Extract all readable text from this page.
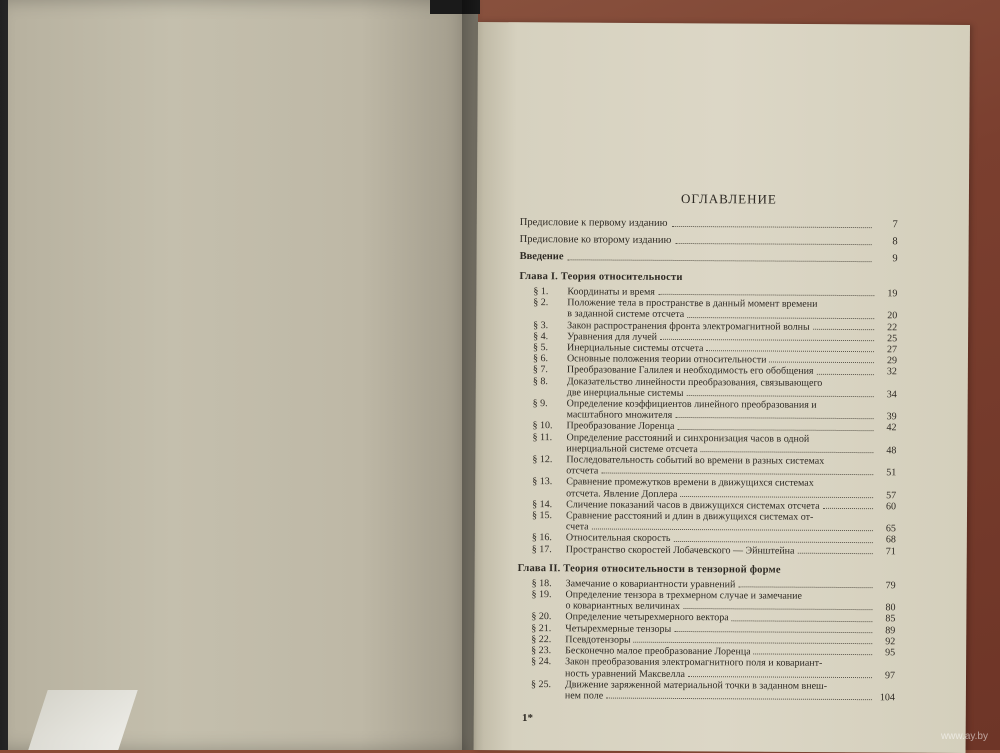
ОГЛАВЛЕНИЕ
Предисловие к первому изданию	7
Предисловие ко второму изданию	8
Введение	9
Глава I. Теория относительности
§ 1.	Координаты и время	19
§ 2.	Положение тела в пространстве в данный момент времени
в заданной системе отсчета	20
§ 3.	Закон распространения фронта электромагнитной волны	22
§ 4.	Уравнения для лучей	25
§ 5.	Инерциальные системы отсчета	27
§ 6.	Основные положения теории относительности	29
§ 7.	Преобразование Галилея и необходимость его обобщения	32
§ 8.	Доказательство линейности преобразования, связывающего
две инерциальные системы	34
§ 9.	Определение коэффициентов линейного преобразования и
масштабного множителя	39
§ 10.	Преобразование Лоренца	42
§ 11.	Определение расстояний и синхронизация часов в одной
инерциальной системе отсчета	48
§ 12.	Последовательность событий во времени в разных системах
отсчета	51
§ 13.	Сравнение промежутков времени в движущихся системах
отсчета. Явление Доплера	57
§ 14.	Сличение показаний часов в движущихся системах отсчета	60
§ 15.	Сравнение расстояний и длин в движущихся системах от-
счета	65
§ 16.	Относительная скорость	68
§ 17.	Пространство скоростей Лобачевского — Эйнштейна	71
Глава II. Теория относительности в тензорной форме
§ 18.	Замечание о ковариантности уравнений	79
§ 19.	Определение тензора в трехмерном случае и замечание
о ковариантных величинах	80
§ 20.	Определение четырехмерного вектора	85
§ 21.	Четырехмерные тензоры	89
§ 22.	Псевдотензоры	92
§ 23.	Бесконечно малое преобразование Лоренца	95
§ 24.	Закон преобразования электромагнитного поля и ковариант-
ность уравнений Максвелла	97
§ 25.	Движение заряженной материальной точки в заданном внеш-
нем поле	104
1*
www.ay.by
